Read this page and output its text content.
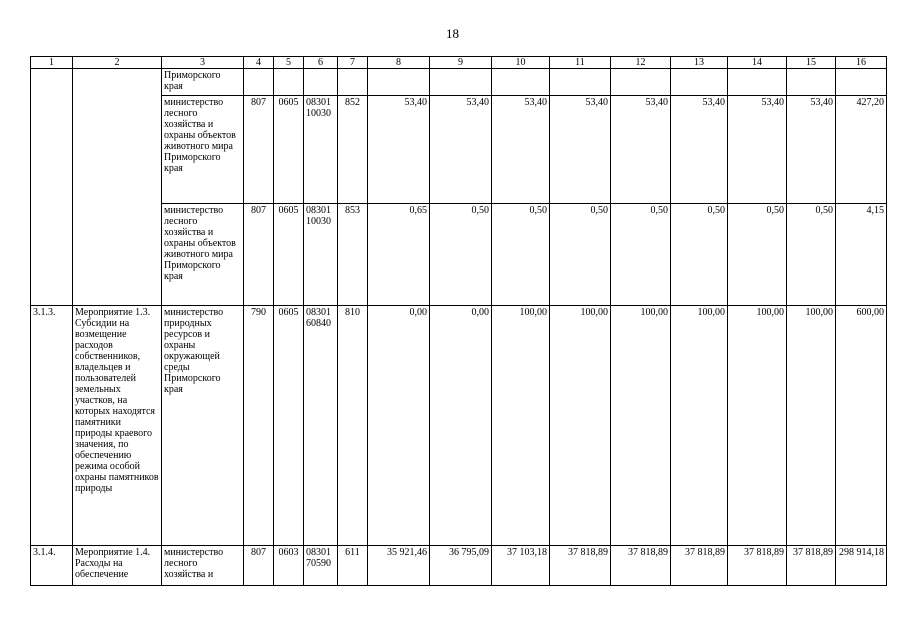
18
1	2	3	4	5	6	7	8	9	10	11	12	13	14	15	16
		Приморского края													
		министерство лесного хозяйства и охраны объектов животного мира Приморского края	807	0605	08301 10030	852	53,40	53,40	53,40	53,40	53,40	53,40	53,40	53,40	427,20
		министерство лесного хозяйства и охраны объектов животного мира Приморского края	807	0605	08301 10030	853	0,65	0,50	0,50	0,50	0,50	0,50	0,50	0,50	4,15
3.1.3.	Мероприятие 1.3. Субсидии на возмещение расходов собственников, владельцев и пользователей земельных участков, на которых находятся памятники природы краевого значения, по обеспечению режима особой охраны памятников природы	министерство природных ресурсов и охраны окружающей среды Приморского края	790	0605	08301 60840	810	0,00	0,00	100,00	100,00	100,00	100,00	100,00	100,00	600,00
3.1.4.	Мероприятие 1.4. Расходы на обеспечение	министерство лесного хозяйства и	807	0603	08301 70590	611	35 921,46	36 795,09	37 103,18	37 818,89	37 818,89	37 818,89	37 818,89	37 818,89	298 914,18
